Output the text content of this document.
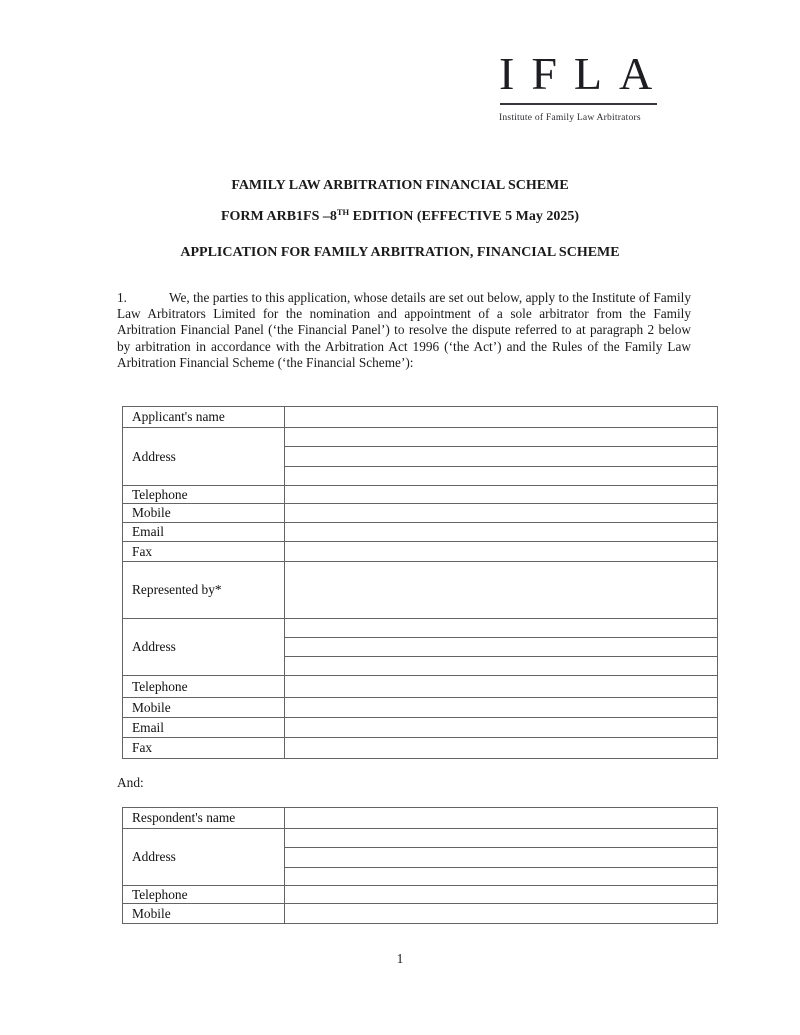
IFLA
Institute of Family Law Arbitrators
FAMILY LAW ARBITRATION FINANCIAL SCHEME
FORM ARB1FS –8TH EDITION (EFFECTIVE 5 May 2025)
APPLICATION FOR FAMILY ARBITRATION, FINANCIAL SCHEME
1.	We, the parties to this application, whose details are set out below, apply to the Institute of Family Law Arbitrators Limited for the nomination and appointment of a sole arbitrator from the Family Arbitration Financial Panel (‘the Financial Panel’) to resolve the dispute referred to at paragraph 2 below by arbitration in accordance with the Arbitration Act 1996 (‘the Act’) and the Rules of the Family Law Arbitration Financial Scheme (‘the Financial Scheme’):
Applicant's name	
Address	

Telephone	
Mobile	
Email	
Fax	
Represented by*	
Address	

Telephone	
Mobile	
Email	
Fax	
And:
Respondent's name	
Address	

Telephone	
Mobile	
1
